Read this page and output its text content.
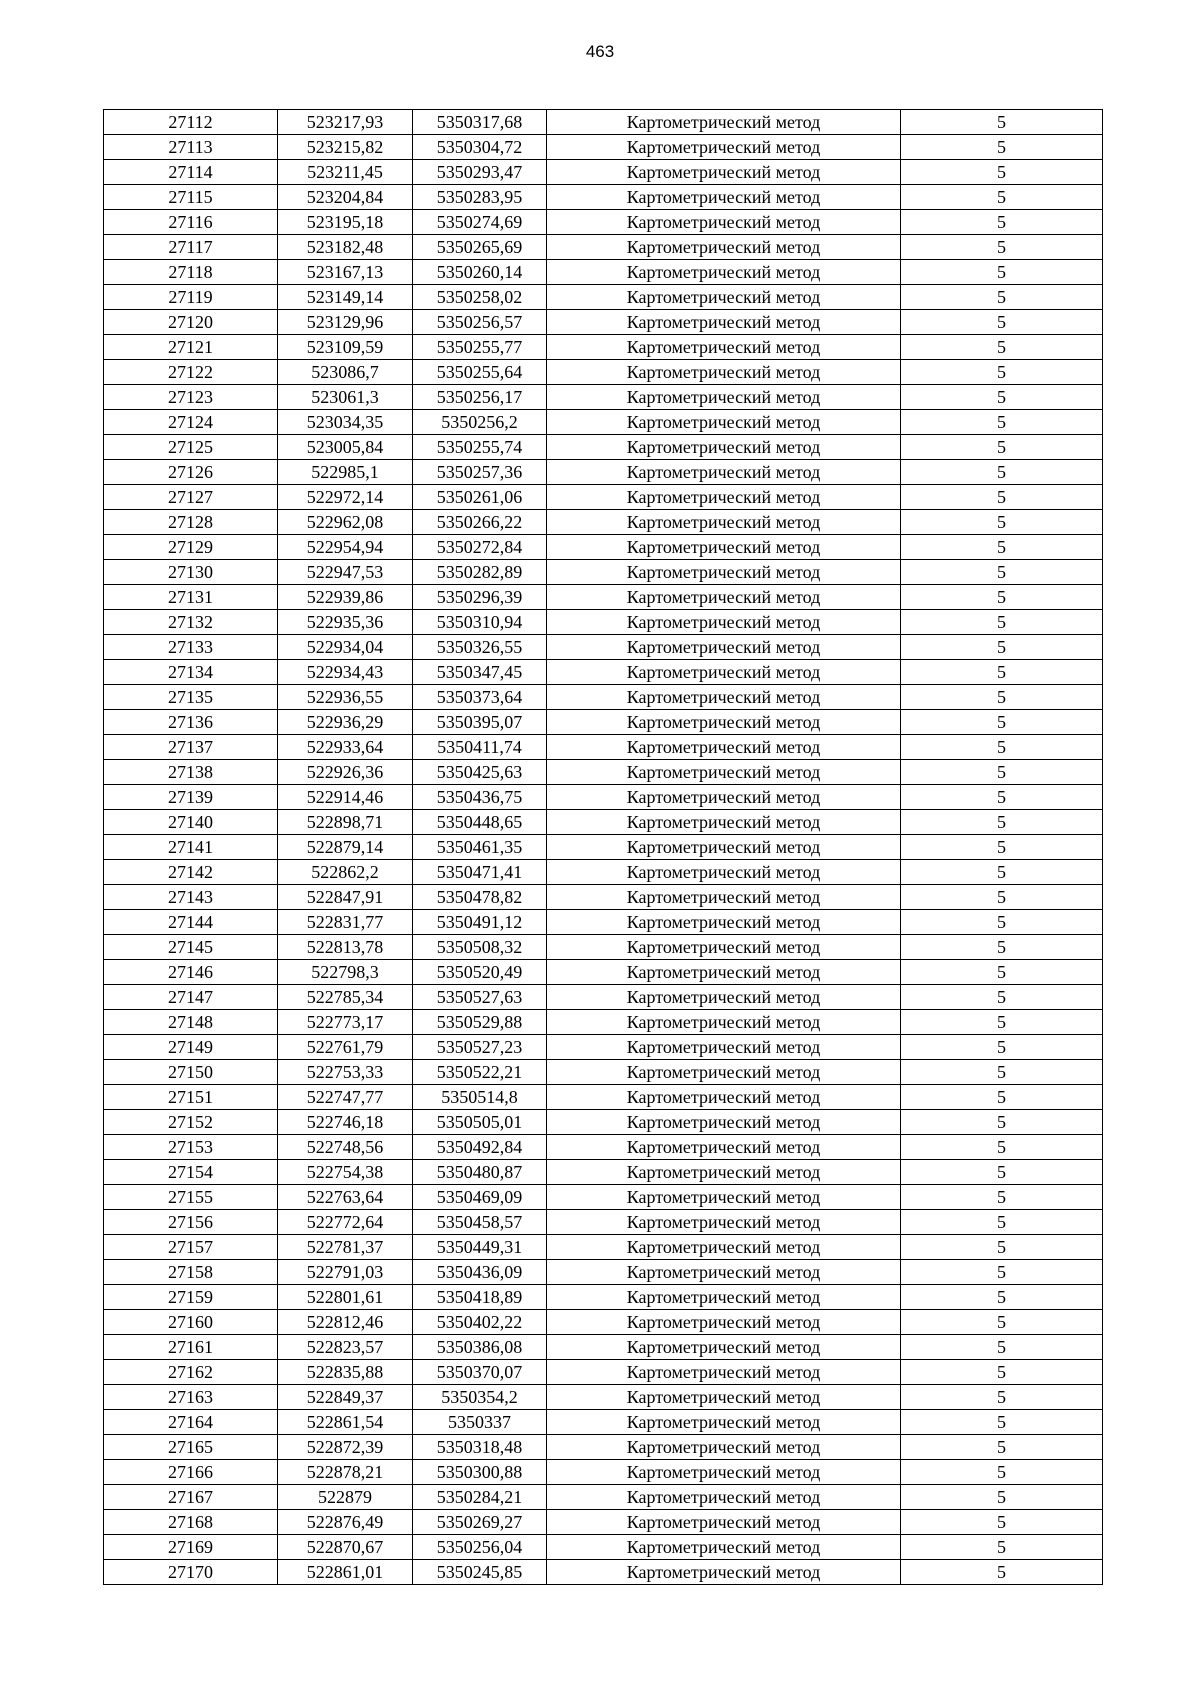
463
27112	523217,93	5350317,68	Картометрический метод	5
27113	523215,82	5350304,72	Картометрический метод	5
27114	523211,45	5350293,47	Картометрический метод	5
27115	523204,84	5350283,95	Картометрический метод	5
27116	523195,18	5350274,69	Картометрический метод	5
27117	523182,48	5350265,69	Картометрический метод	5
27118	523167,13	5350260,14	Картометрический метод	5
27119	523149,14	5350258,02	Картометрический метод	5
27120	523129,96	5350256,57	Картометрический метод	5
27121	523109,59	5350255,77	Картометрический метод	5
27122	523086,7	5350255,64	Картометрический метод	5
27123	523061,3	5350256,17	Картометрический метод	5
27124	523034,35	5350256,2	Картометрический метод	5
27125	523005,84	5350255,74	Картометрический метод	5
27126	522985,1	5350257,36	Картометрический метод	5
27127	522972,14	5350261,06	Картометрический метод	5
27128	522962,08	5350266,22	Картометрический метод	5
27129	522954,94	5350272,84	Картометрический метод	5
27130	522947,53	5350282,89	Картометрический метод	5
27131	522939,86	5350296,39	Картометрический метод	5
27132	522935,36	5350310,94	Картометрический метод	5
27133	522934,04	5350326,55	Картометрический метод	5
27134	522934,43	5350347,45	Картометрический метод	5
27135	522936,55	5350373,64	Картометрический метод	5
27136	522936,29	5350395,07	Картометрический метод	5
27137	522933,64	5350411,74	Картометрический метод	5
27138	522926,36	5350425,63	Картометрический метод	5
27139	522914,46	5350436,75	Картометрический метод	5
27140	522898,71	5350448,65	Картометрический метод	5
27141	522879,14	5350461,35	Картометрический метод	5
27142	522862,2	5350471,41	Картометрический метод	5
27143	522847,91	5350478,82	Картометрический метод	5
27144	522831,77	5350491,12	Картометрический метод	5
27145	522813,78	5350508,32	Картометрический метод	5
27146	522798,3	5350520,49	Картометрический метод	5
27147	522785,34	5350527,63	Картометрический метод	5
27148	522773,17	5350529,88	Картометрический метод	5
27149	522761,79	5350527,23	Картометрический метод	5
27150	522753,33	5350522,21	Картометрический метод	5
27151	522747,77	5350514,8	Картометрический метод	5
27152	522746,18	5350505,01	Картометрический метод	5
27153	522748,56	5350492,84	Картометрический метод	5
27154	522754,38	5350480,87	Картометрический метод	5
27155	522763,64	5350469,09	Картометрический метод	5
27156	522772,64	5350458,57	Картометрический метод	5
27157	522781,37	5350449,31	Картометрический метод	5
27158	522791,03	5350436,09	Картометрический метод	5
27159	522801,61	5350418,89	Картометрический метод	5
27160	522812,46	5350402,22	Картометрический метод	5
27161	522823,57	5350386,08	Картометрический метод	5
27162	522835,88	5350370,07	Картометрический метод	5
27163	522849,37	5350354,2	Картометрический метод	5
27164	522861,54	5350337	Картометрический метод	5
27165	522872,39	5350318,48	Картометрический метод	5
27166	522878,21	5350300,88	Картометрический метод	5
27167	522879	5350284,21	Картометрический метод	5
27168	522876,49	5350269,27	Картометрический метод	5
27169	522870,67	5350256,04	Картометрический метод	5
27170	522861,01	5350245,85	Картометрический метод	5
